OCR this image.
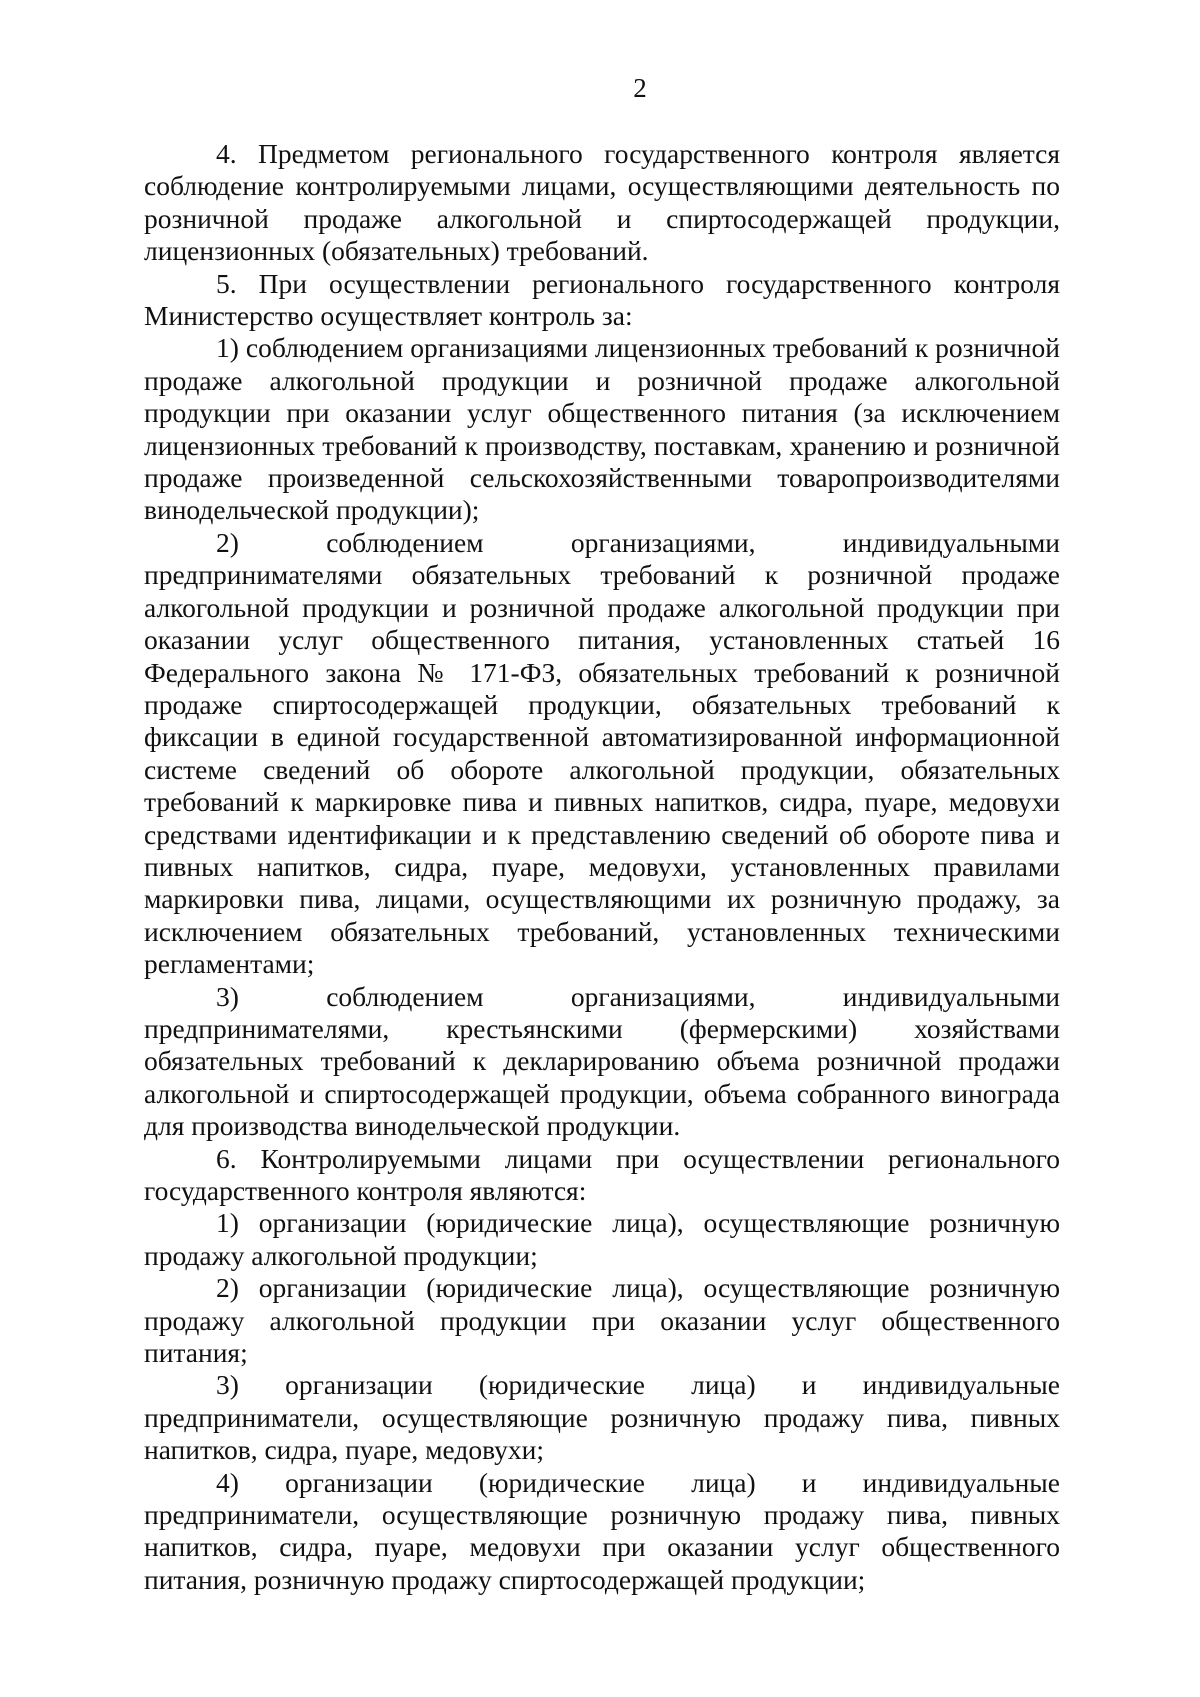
2

4. Предметом регионального государственного контроля является соблюдение контролируемыми лицами, осуществляющими деятельность по розничной продаже алкогольной и спиртосодержащей продукции, лицензионных (обязательных) требований.

5. При осуществлении регионального государственного контроля Министерство осуществляет контроль за:

1) соблюдением организациями лицензионных требований к розничной продаже алкогольной продукции и розничной продаже алкогольной продукции при оказании услуг общественного питания (за исключением лицензионных требований к производству, поставкам, хранению и розничной продаже произведенной сельскохозяйственными товаропроизводителями винодельческой продукции);

2) соблюдением организациями, индивидуальными предпринимателями обязательных требований к розничной продаже алкогольной продукции и розничной продаже алкогольной продукции при оказании услуг общественного питания, установленных статьей 16 Федерального закона № 171-ФЗ, обязательных требований к розничной продаже спиртосодержащей продукции, обязательных требований к фиксации в единой государственной автоматизированной информационной системе сведений об обороте алкогольной продукции, обязательных требований к маркировке пива и пивных напитков, сидра, пуаре, медовухи средствами идентификации и к представлению сведений об обороте пива и пивных напитков, сидра, пуаре, медовухи, установленных правилами маркировки пива, лицами, осуществляющими их розничную продажу, за исключением обязательных требований, установленных техническими регламентами;

3) соблюдением организациями, индивидуальными предпринимателями, крестьянскими (фермерскими) хозяйствами обязательных требований к декларированию объема розничной продажи алкогольной и спиртосодержащей продукции, объема собранного винограда для производства винодельческой продукции.

6. Контролируемыми лицами при осуществлении регионального государственного контроля являются:

1) организации (юридические лица), осуществляющие розничную продажу алкогольной продукции;

2) организации (юридические лица), осуществляющие розничную продажу алкогольной продукции при оказании услуг общественного питания;

3) организации (юридические лица) и индивидуальные предприниматели, осуществляющие розничную продажу пива, пивных напитков, сидра, пуаре, медовухи;

4) организации (юридические лица) и индивидуальные предприниматели, осуществляющие розничную продажу пива, пивных напитков, сидра, пуаре, медовухи при оказании услуг общественного питания, розничную продажу спиртосодержащей продукции;
